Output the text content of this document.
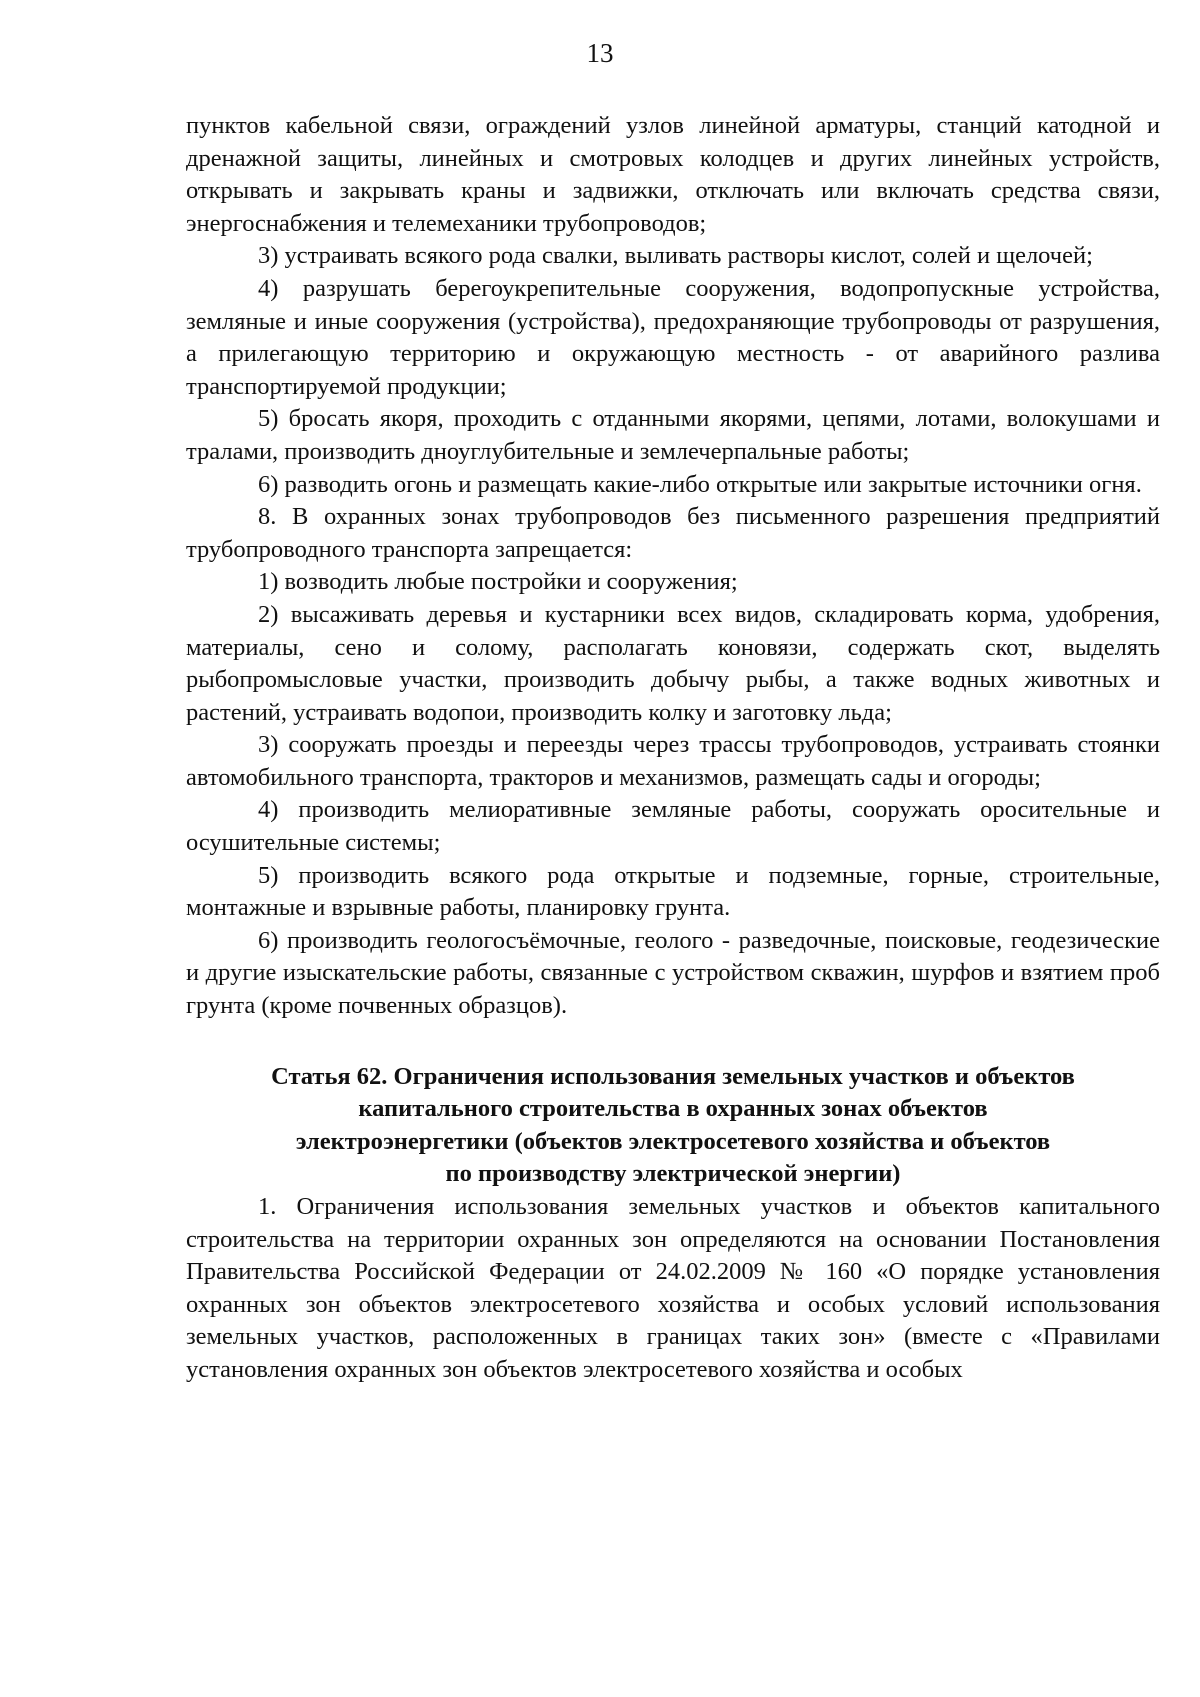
13

пунктов кабельной связи, ограждений узлов линейной арматуры, станций катодной и дренажной защиты, линейных и смотровых колодцев и других линейных устройств, открывать и закрывать краны и задвижки, отключать или включать средства связи, энергоснабжения и телемеханики трубопроводов;

3) устраивать всякого рода свалки, выливать растворы кислот, солей и щелочей;

4) разрушать берегоукрепительные сооружения, водопропускные устройства, земляные и иные сооружения (устройства), предохраняющие трубопроводы от разрушения, а прилегающую территорию и окружающую местность - от аварийного разлива транспортируемой продукции;

5) бросать якоря, проходить с отданными якорями, цепями, лотами, волокушами и тралами, производить дноуглубительные и землечерпальные работы;

6) разводить огонь и размещать какие-либо открытые или закрытые источники огня.

8. В охранных зонах трубопроводов без письменного разрешения предприятий трубопроводного транспорта запрещается:

1) возводить любые постройки и сооружения;

2) высаживать деревья и кустарники всех видов, складировать корма, удобрения, материалы, сено и солому, располагать коновязи, содержать скот, выделять рыбопромысловые участки, производить добычу рыбы, а также водных животных и растений, устраивать водопои, производить колку и заготовку льда;

3) сооружать проезды и переезды через трассы трубопроводов, устраивать стоянки автомобильного транспорта, тракторов и механизмов, размещать сады и огороды;

4) производить мелиоративные земляные работы, сооружать оросительные и осушительные системы;

5) производить всякого рода открытые и подземные, горные, строительные, монтажные и взрывные работы, планировку грунта.

6) производить геологосъёмочные, геолого - разведочные, поисковые, геодезические и другие изыскательские работы, связанные с устройством скважин, шурфов и взятием проб грунта (кроме почвенных образцов).

Статья 62. Ограничения использования земельных участков и объектов
капитального строительства в охранных зонах объектов
электроэнергетики (объектов электросетевого хозяйства и объектов
по производству электрической энергии)

1. Ограничения использования земельных участков и объектов капитального строительства на территории охранных зон определяются на основании Постановления Правительства Российской Федерации от 24.02.2009 № 160 «О порядке установления охранных зон объектов электросетевого хозяйства и особых условий использования земельных участков, расположенных в границах таких зон» (вместе с «Правилами установления охранных зон объектов электросетевого хозяйства и особых
